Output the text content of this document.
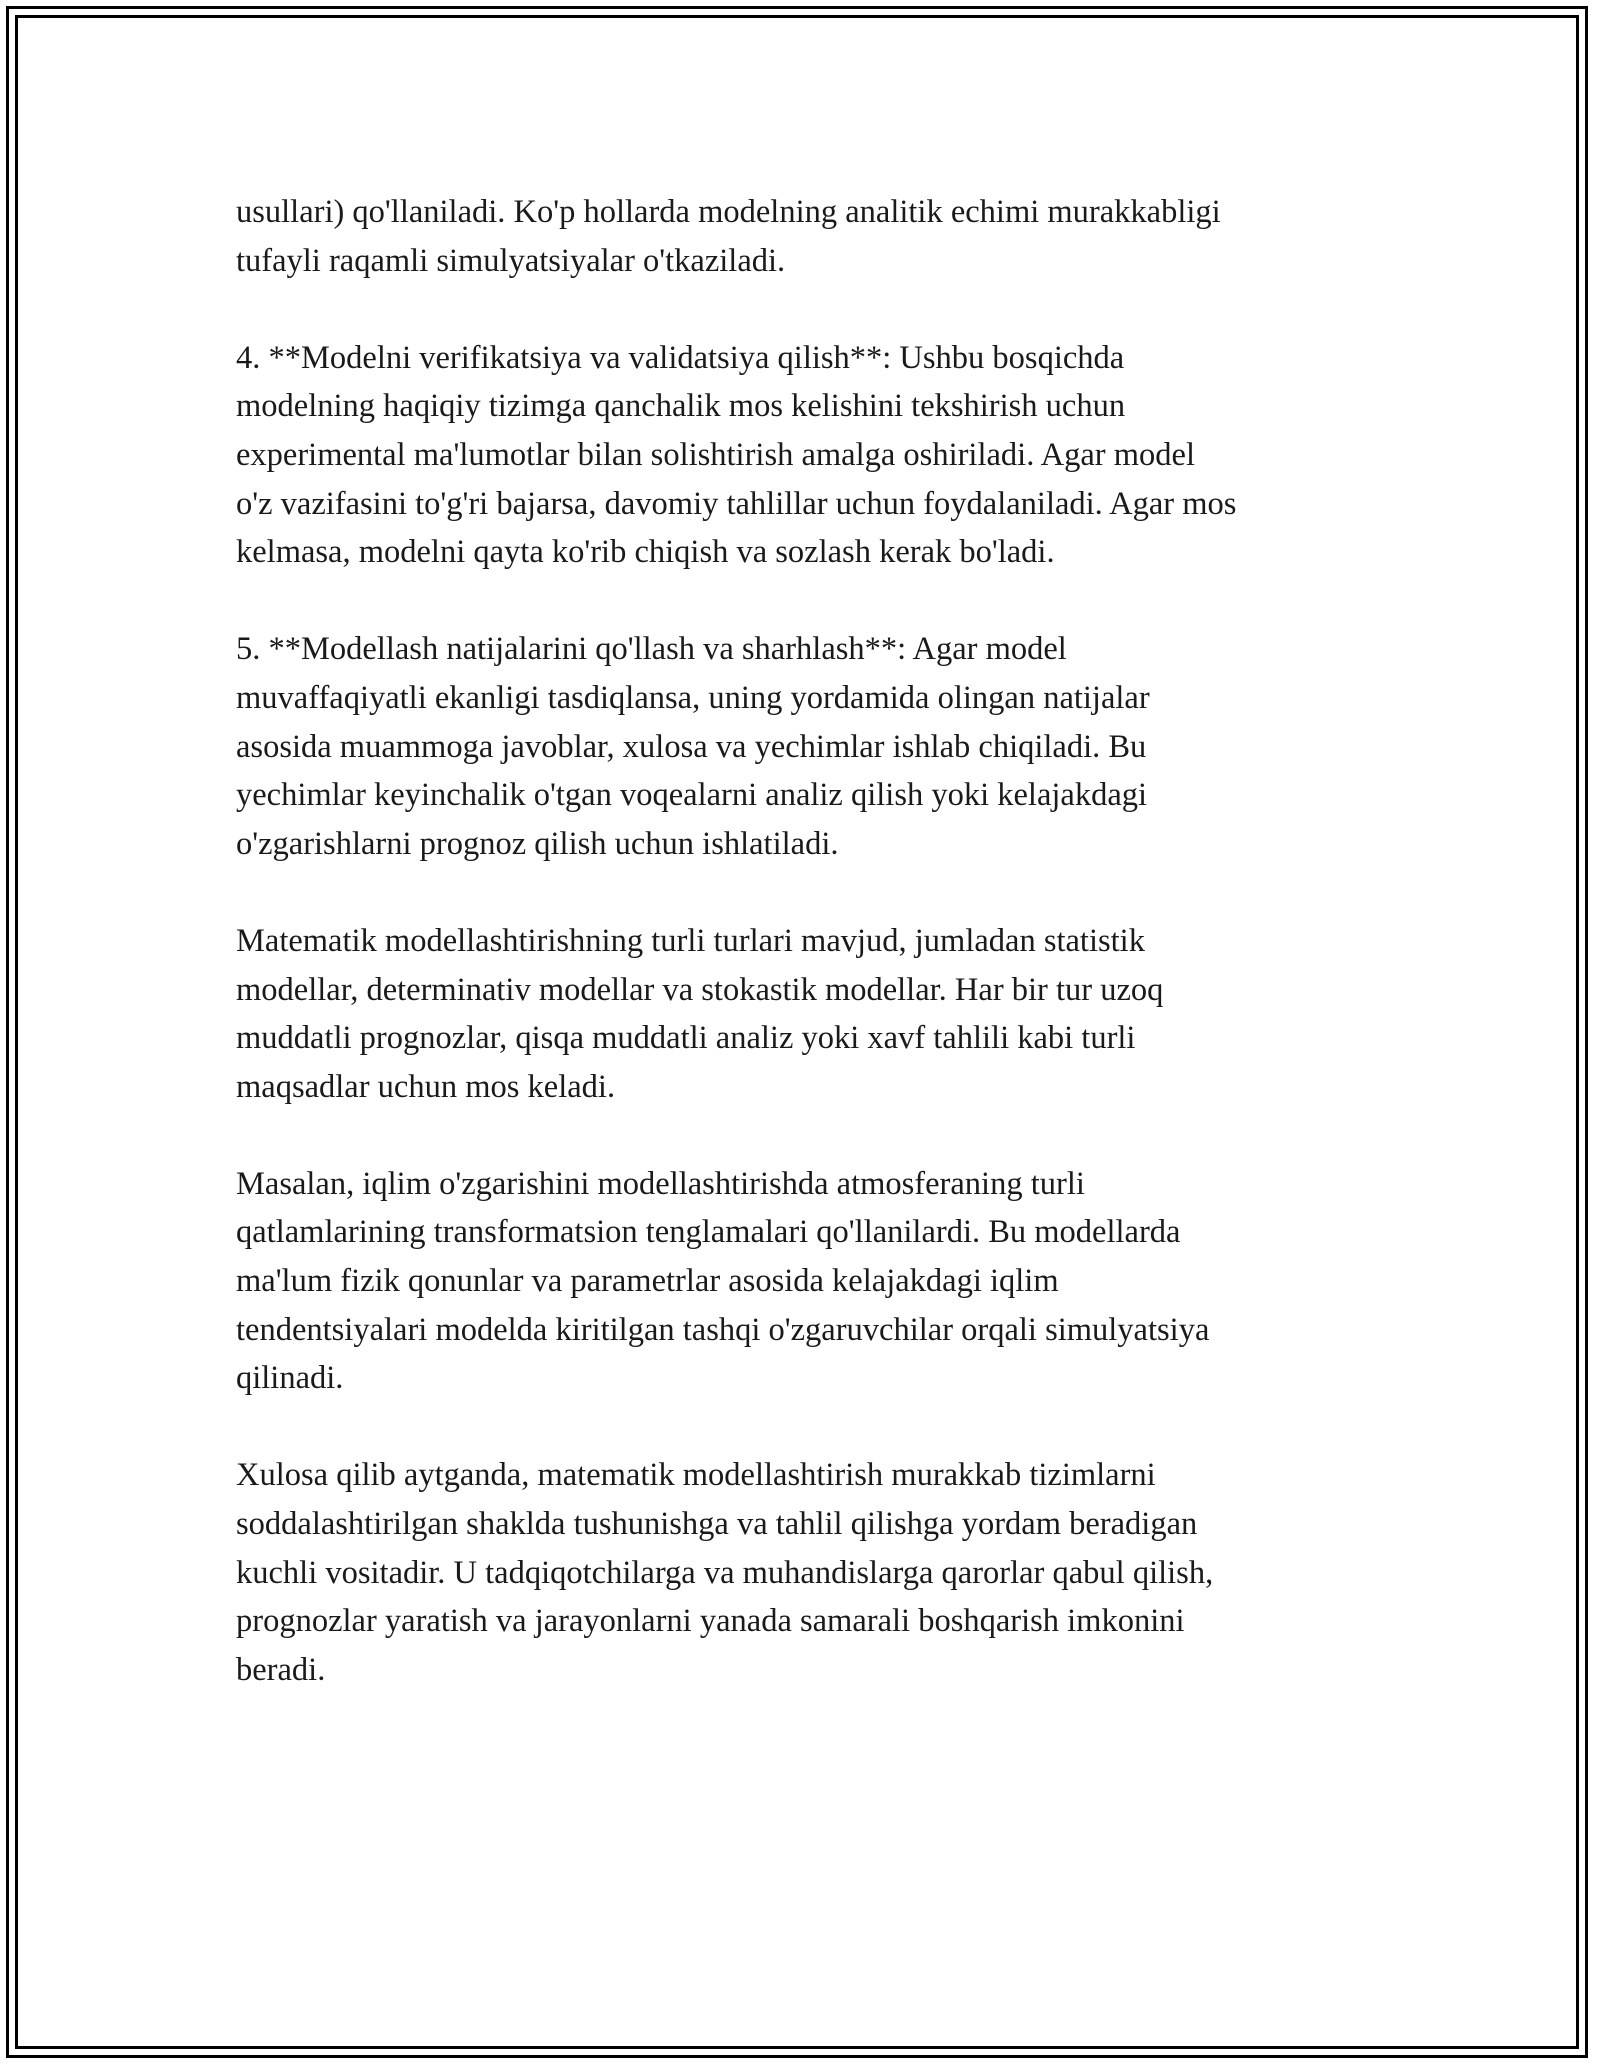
usullari) qo'llaniladi. Ko'p hollarda modelning analitik echimi murakkabligi
tufayli raqamli simulyatsiyalar o'tkaziladi.
4. **Modelni verifikatsiya va validatsiya qilish**: Ushbu bosqichda
modelning haqiqiy tizimga qanchalik mos kelishini tekshirish uchun
experimental ma'lumotlar bilan solishtirish amalga oshiriladi. Agar model
o'z vazifasini to'g'ri bajarsa, davomiy tahlillar uchun foydalaniladi. Agar mos
kelmasa, modelni qayta ko'rib chiqish va sozlash kerak bo'ladi.
5. **Modellash natijalarini qo'llash va sharhlash**: Agar model
muvaffaqiyatli ekanligi tasdiqlansa, uning yordamida olingan natijalar
asosida muammoga javoblar, xulosa va yechimlar ishlab chiqiladi. Bu
yechimlar keyinchalik o'tgan voqealarni analiz qilish yoki kelajakdagi
o'zgarishlarni prognoz qilish uchun ishlatiladi.
Matematik modellashtirishning turli turlari mavjud, jumladan statistik
modellar, determinativ modellar va stokastik modellar. Har bir tur uzoq
muddatli prognozlar, qisqa muddatli analiz yoki xavf tahlili kabi turli
maqsadlar uchun mos keladi.
Masalan, iqlim o'zgarishini modellashtirishda atmosferaning turli
qatlamlarining transformatsion tenglamalari qo'llanilardi. Bu modellarda
ma'lum fizik qonunlar va parametrlar asosida kelajakdagi iqlim
tendentsiyalari modelda kiritilgan tashqi o'zgaruvchilar orqali simulyatsiya
qilinadi.
Xulosa qilib aytganda, matematik modellashtirish murakkab tizimlarni
soddalashtirilgan shaklda tushunishga va tahlil qilishga yordam beradigan
kuchli vositadir. U tadqiqotchilarga va muhandislarga qarorlar qabul qilish,
prognozlar yaratish va jarayonlarni yanada samarali boshqarish imkonini
beradi.
